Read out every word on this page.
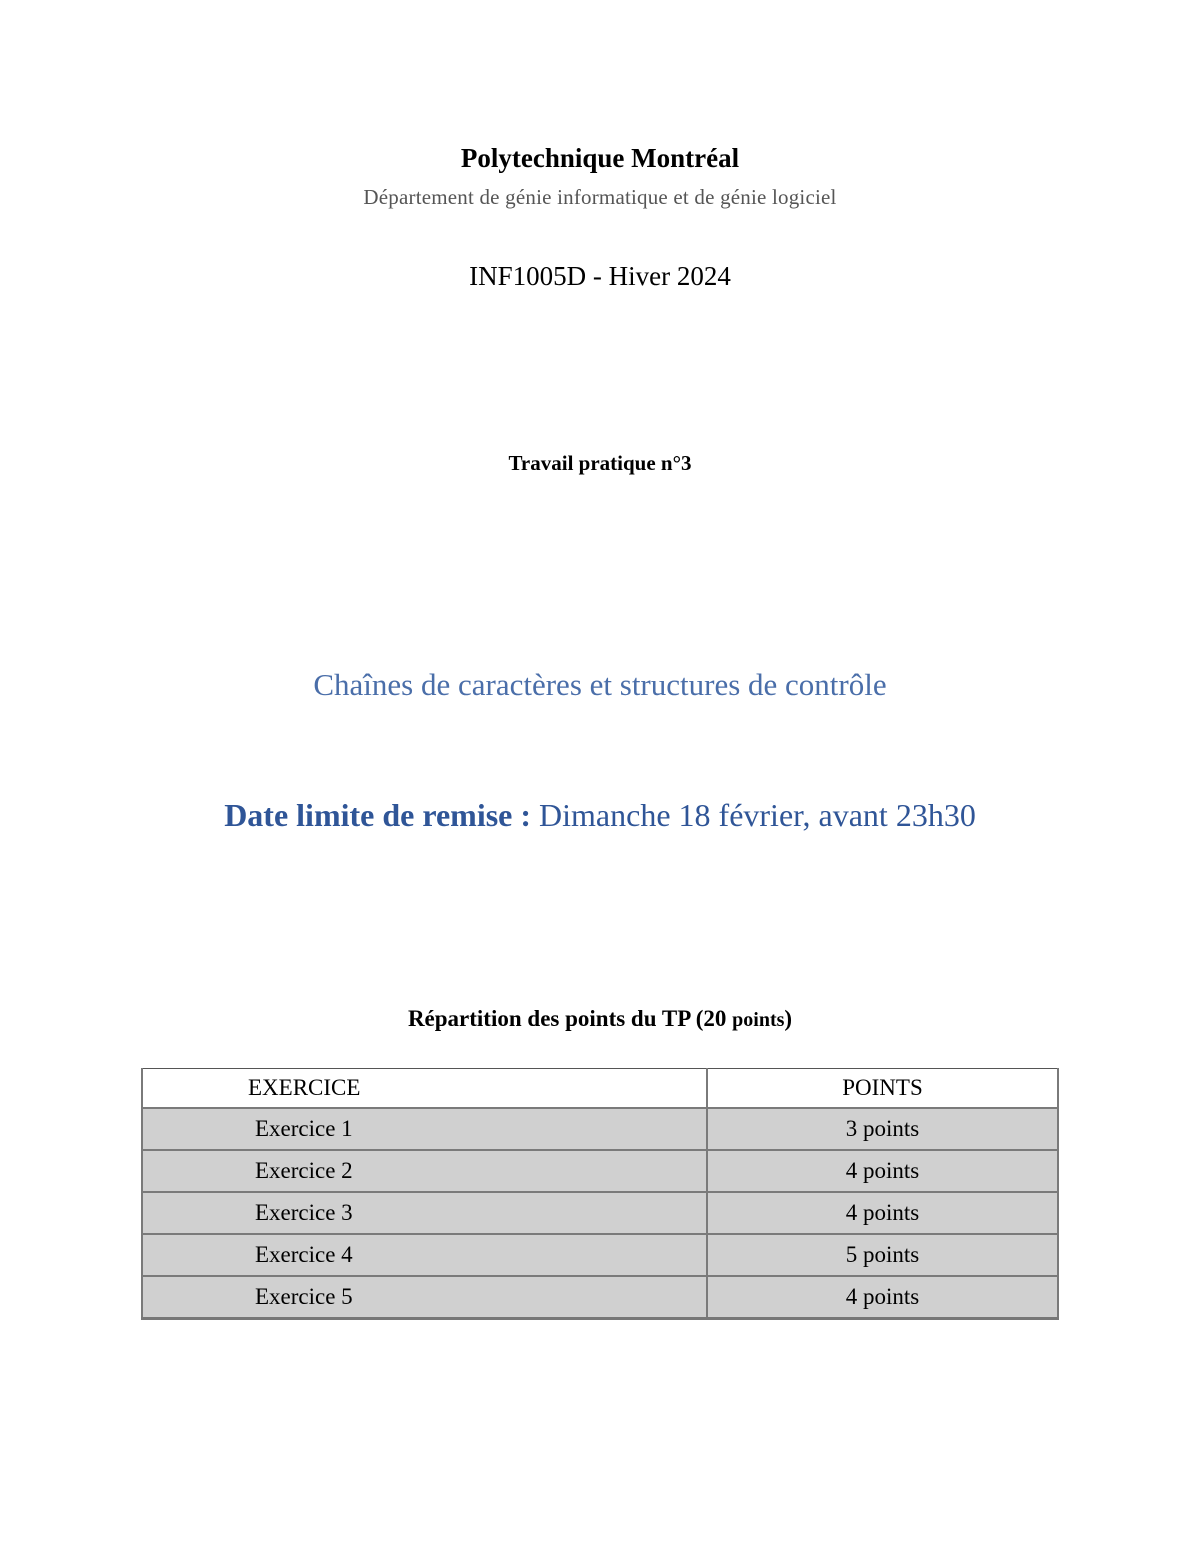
Polytechnique Montréal
Département de génie informatique et de génie logiciel
INF1005D - Hiver 2024
Travail pratique n°3
Chaînes de caractères et structures de contrôle
Date limite de remise : Dimanche 18 février, avant 23h30
Répartition des points du TP (20 points)
EXERCICE	POINTS
Exercice 1	3 points
Exercice 2	4 points
Exercice 3	4 points
Exercice 4	5 points
Exercice 5	4 points
